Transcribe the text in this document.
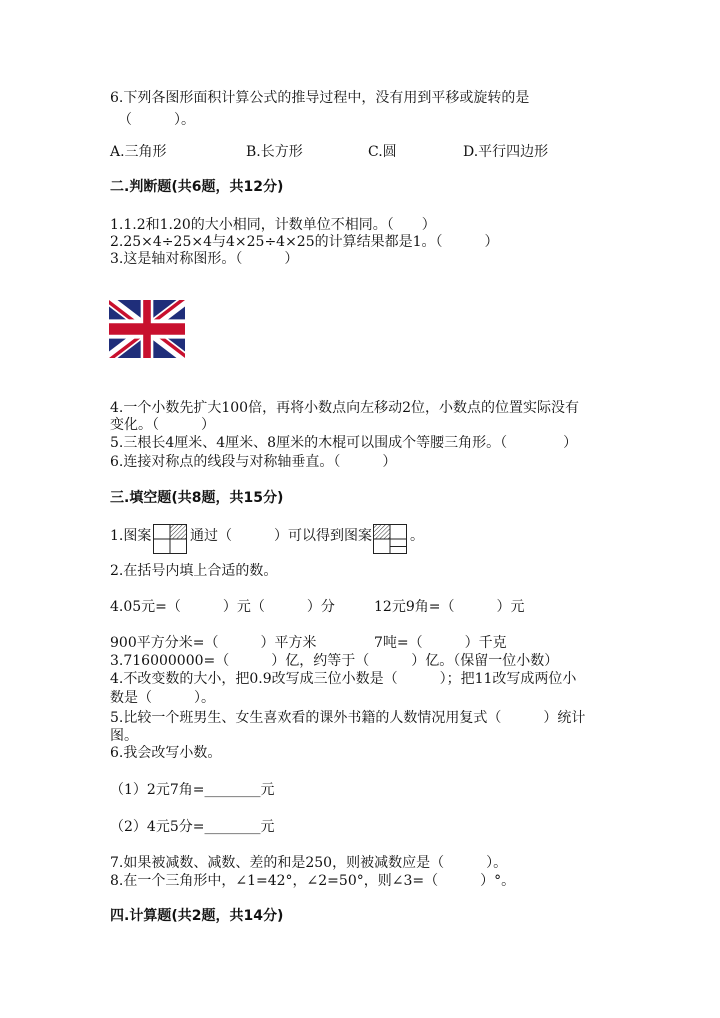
6.下列各图形面积计算公式的推导过程中，没有用到平移或旋转的是
（　　　）。
A.三角形	B.长方形	C.圆	D.平行四边形
二.判断题(共6题，共12分)
1.1.2和1.20的大小相同，计数单位不相同。（　　）
2.25×4÷25×4与4×25÷4×25的计算结果都是1。（　　　）
3.这是轴对称图形。（　　　）
4.一个小数先扩大100倍，再将小数点向左移动2位，小数点的位置实际没有
变化。（　　　）
5.三根长4厘米、4厘米、8厘米的木棍可以围成个等腰三角形。（　　　　）
6.连接对称点的线段与对称轴垂直。（　　　）
三.填空题(共8题，共15分)
1.图案	通过（　　　）可以得到图案	。
2.在括号内填上合适的数。
4.05元=（　　　）元（　　　）分	12元9角=（　　　）元
900平方分米=（　　　）平方米	7吨=（　　　）千克
3.716000000=（　　　）亿，约等于（　　　）亿。（保留一位小数）
4.不改变数的大小，把0.9改写成三位小数是（　　　）；把11改写成两位小
数是（　　　）。
5.比较一个班男生、女生喜欢看的课外书籍的人数情况用复式（　　　）统计
图。
6.我会改写小数。
（1）2元7角=________元
（2）4元5分=________元
7.如果被减数、减数、差的和是250，则被减数应是（　　　）。
8.在一个三角形中，∠1=42°，∠2=50°，则∠3=（　　　）°。
四.计算题(共2题，共14分)
